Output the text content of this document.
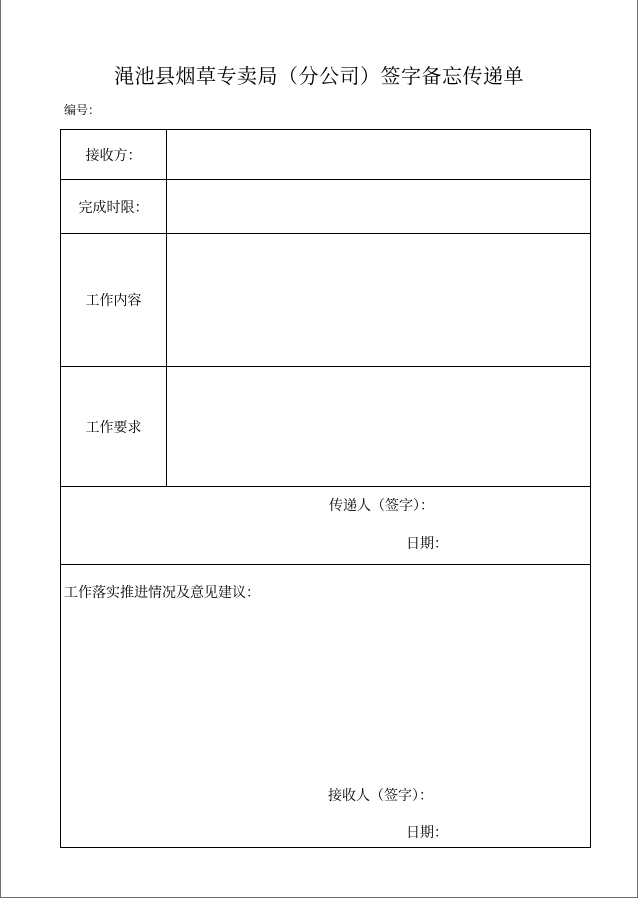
渑池县烟草专卖局（分公司）签字备忘传递单
编号：
接收方：
完成时限：
工作内容
工作要求
传递人（签字）：
日期：
工作落实推进情况及意见建议：
接收人（签字）：
日期：
